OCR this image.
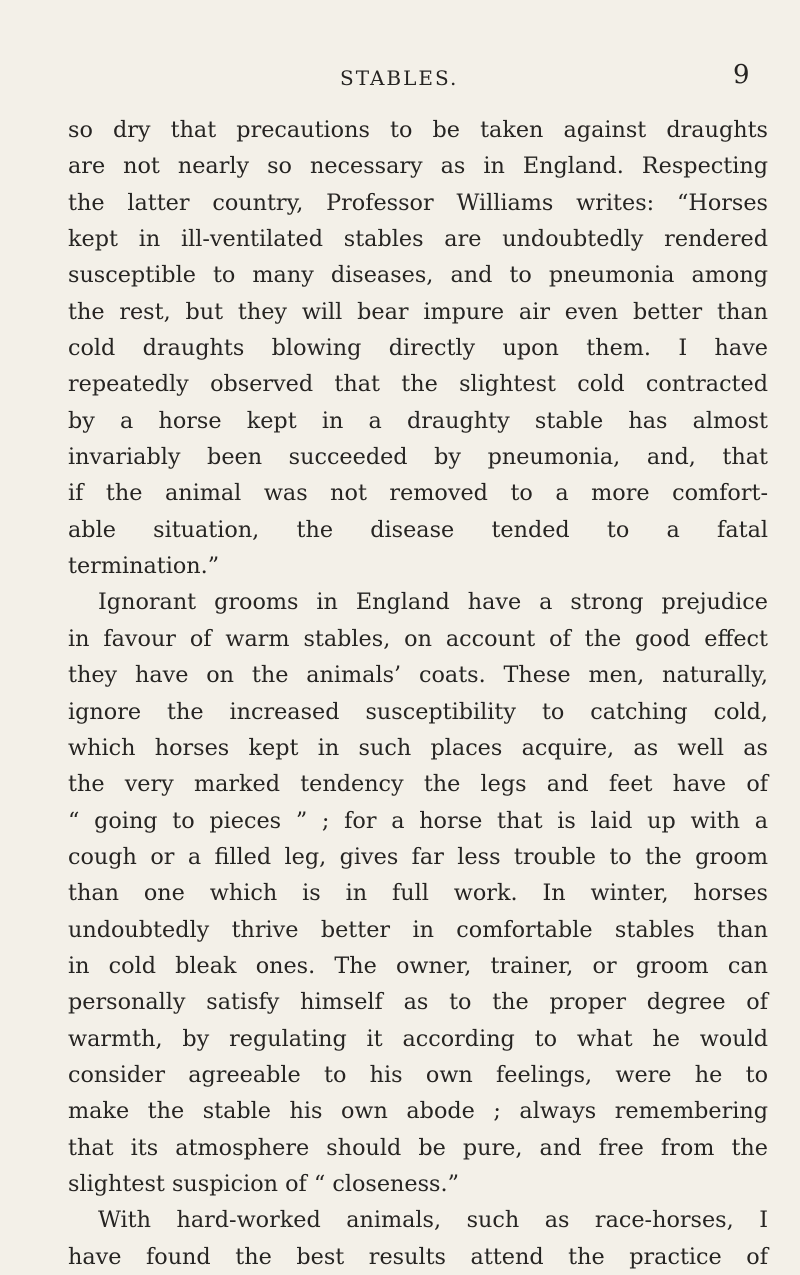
STABLES.	9
so dry that precautions to be taken against draughts
are not nearly so necessary as in England. Respecting
the latter country, Professor Williams writes: “Horses
kept in ill-ventilated stables are undoubtedly rendered
susceptible to many diseases, and to pneumonia among
the rest, but they will bear impure air even better than
cold draughts blowing directly upon them. I have
repeatedly observed that the slightest cold contracted
by a horse kept in a draughty stable has almost
invariably been succeeded by pneumonia, and, that
if the animal was not removed to a more comfort-
able situation, the disease tended to a fatal
termination.”
Ignorant grooms in England have a strong prejudice
in favour of warm stables, on account of the good effect
they have on the animals’ coats. These men, naturally,
ignore the increased susceptibility to catching cold,
which horses kept in such places acquire, as well as
the very marked tendency the legs and feet have of
“ going to pieces ” ; for a horse that is laid up with a
cough or a filled leg, gives far less trouble to the groom
than one which is in full work. In winter, horses
undoubtedly thrive better in comfortable stables than
in cold bleak ones. The owner, trainer, or groom can
personally satisfy himself as to the proper degree of
warmth, by regulating it according to what he would
consider agreeable to his own feelings, were he to
make the stable his own abode ; always remembering
that its atmosphere should be pure, and free from the
slightest suspicion of “ closeness.”
With hard-worked animals, such as race-horses, I
have found the best results attend the practice of
